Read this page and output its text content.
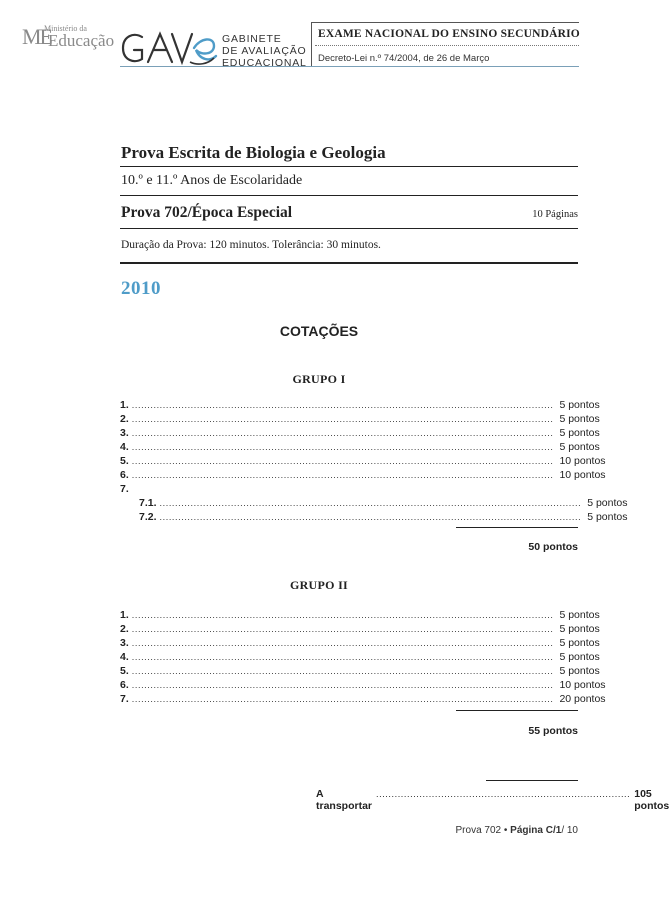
ME
Ministério da
Educação	GABINETE
DE AVALIAÇÃO
EDUCACIONAL
EXAME NACIONAL DO ENSINO SECUNDÁRIO
Decreto-Lei n.º 74/2004, de 26 de Março
Prova Escrita de Biologia e Geologia
10.º e 11.º Anos de Escolaridade
Prova 702/Época Especial	10 Páginas
Duração da Prova: 120 minutos. Tolerância: 30 minutos.
2010
COTAÇÕES
GRUPO I
1. ........................................................................................................................................ 5 pontos
2. ........................................................................................................................................ 5 pontos
3. ........................................................................................................................................ 5 pontos
4. ........................................................................................................................................ 5 pontos
5. ........................................................................................................................................ 10 pontos
6. ........................................................................................................................................ 10 pontos
7.
7.1. ........................................................................................................................................ 5 pontos
7.2. ........................................................................................................................................ 5 pontos
50 pontos
GRUPO II
1. ........................................................................................................................................ 5 pontos
2. ........................................................................................................................................ 5 pontos
3. ........................................................................................................................................ 5 pontos
4. ........................................................................................................................................ 5 pontos
5. ........................................................................................................................................ 5 pontos
6. ........................................................................................................................................ 10 pontos
7. ........................................................................................................................................ 20 pontos
55 pontos
A transportar
.................................................................................. 105 pontos
Prova 702 • Página C/1/ 10
